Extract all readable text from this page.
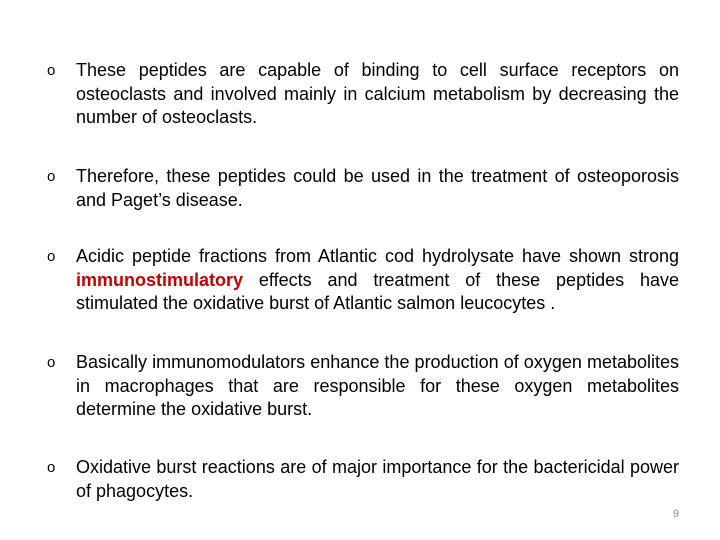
o	These peptides are capable of binding to cell surface receptors on osteoclasts and involved mainly in calcium metabolism by decreasing the number of osteoclasts.
o	Therefore, these peptides could be used in the treatment of osteoporosis and Paget’s disease.
o	Acidic peptide fractions from Atlantic cod hydrolysate have shown strong immunostimulatory effects and treatment of these peptides have stimulated the oxidative burst of Atlantic salmon leucocytes .
o	Basically immunomodulators enhance the production of oxygen metabolites in macrophages that are responsible for these oxygen metabolites determine the oxidative burst.
o	Oxidative burst reactions are of major importance for the bactericidal power of phagocytes.
9
